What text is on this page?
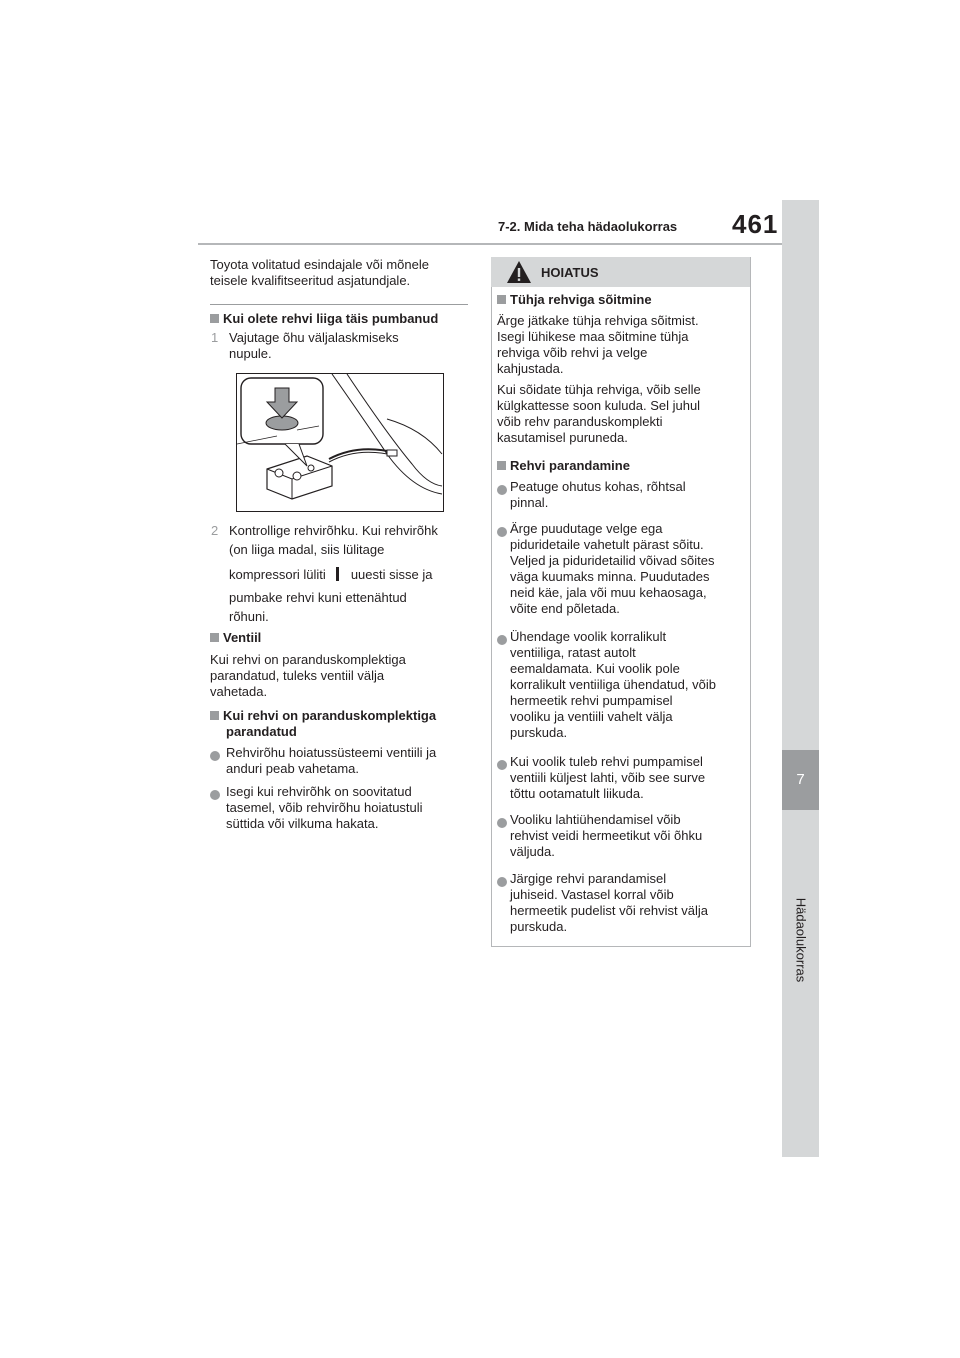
7
Hädaolukorras
7-2. Mida teha hädaolukorras 461
Toyota volitatud esindajale või mõnele
teisele kvalifitseeritud asjatundjale.
Kui olete rehvi liiga täis pumbanud
1 Vajutage õhu väljalaskmiseks
nupule.
2 Kontrollige rehvirõhku. Kui rehvirõhk
(on liiga madal, siis lülitage
kompressori lüliti uuesti sisse ja
pumbake rehvi kuni ettenähtud
rõhuni.
Ventiil
Kui rehvi on paranduskomplektiga
parandatud, tuleks ventiil välja
vahetada.
Kui rehvi on paranduskomplektiga
parandatud
Rehvirõhu hoiatussüsteemi ventiili ja
anduri peab vahetama.
Isegi kui rehvirõhk on soovitatud
tasemel, võib rehvirõhu hoiatustuli
süttida või vilkuma hakata.
HOIATUS
Tühja rehviga sõitmine
Ärge jätkake tühja rehviga sõitmist.
Isegi lühikese maa sõitmine tühja
rehviga võib rehvi ja velge
kahjustada.
Kui sõidate tühja rehviga, võib selle
külgkattesse soon kuluda. Sel juhul
võib rehv paranduskomplekti
kasutamisel puruneda.
Rehvi parandamine
Peatuge ohutus kohas, rõhtsal
pinnal.
Ärge puudutage velge ega
piduridetaile vahetult pärast sõitu.
Veljed ja piduridetailid võivad sõites
väga kuumaks minna. Puudutades
neid käe, jala või muu kehaosaga,
võite end põletada.
Ühendage voolik korralikult
ventiiliga, ratast autolt
eemaldamata. Kui voolik pole
korralikult ventiiliga ühendatud, võib
hermeetik rehvi pumpamisel
vooliku ja ventiili vahelt välja
purskuda.
Kui voolik tuleb rehvi pumpamisel
ventiili küljest lahti, võib see surve
tõttu ootamatult liikuda.
Vooliku lahtiühendamisel võib
rehvist veidi hermeetikut või õhku
väljuda.
Järgige rehvi parandamisel
juhiseid. Vastasel korral võib
hermeetik pudelist või rehvist välja
purskuda.
